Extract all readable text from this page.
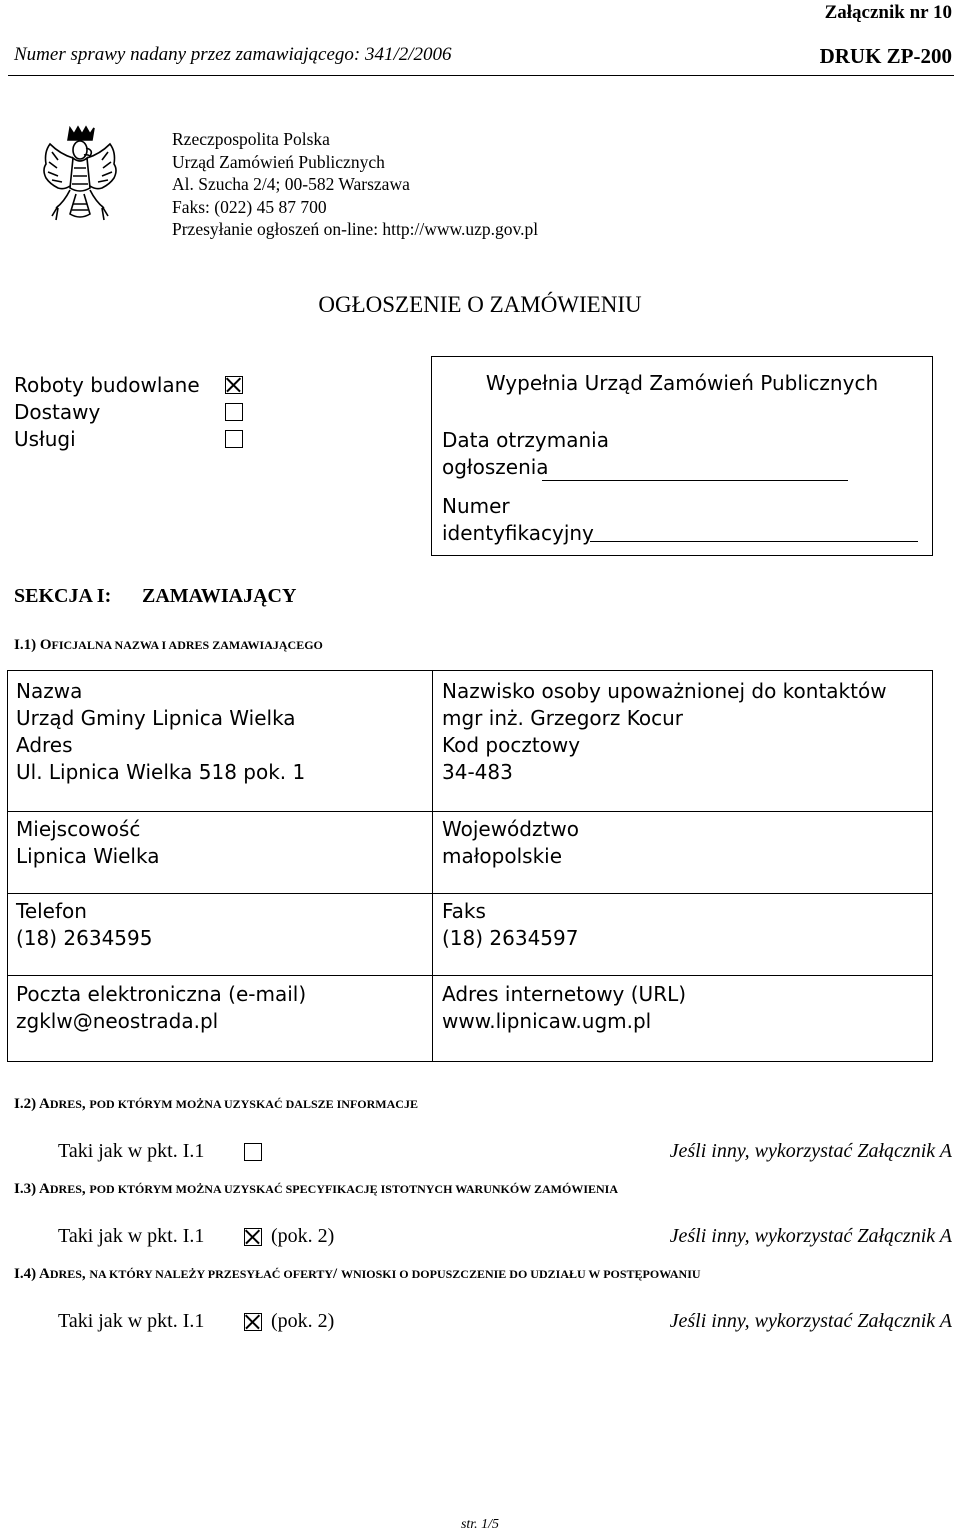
Załącznik nr 10
Numer sprawy nadany przez zamawiającego: 341/2/2006	DRUK ZP-200
Rzeczpospolita Polska
Urząd Zamówień Publicznych
Al. Szucha 2/4; 00-582 Warszawa
Faks: (022) 45 87 700
Przesyłanie ogłoszeń on-line: http://www.uzp.gov.pl
OGŁOSZENIE O ZAMÓWIENIU
Roboty budowlane
Dostawy
Usługi
Wypełnia Urząd Zamówień Publicznych
Data otrzymania
ogłoszenia
Numer
identyfikacyjny
SEKCJA I: ZAMAWIAJĄCY
I.1) OFICJALNA NAZWA I ADRES ZAMAWIAJĄCEGO
Nazwa
Urząd Gminy Lipnica Wielka
Adres
Ul. Lipnica Wielka 518 pok. 1
Nazwisko osoby upoważnionej do kontaktów
mgr inż. Grzegorz Kocur
Kod pocztowy
34-483
Miejscowość
Lipnica Wielka
Województwo
małopolskie
Telefon
(18) 2634595
Faks
(18) 2634597
Poczta elektroniczna (e-mail)
zgklw@neostrada.pl
Adres internetowy (URL)
www.lipnicaw.ugm.pl
I.2) ADRES, POD KTÓRYM MOŻNA UZYSKAĆ DALSZE INFORMACJE
Taki jak w pkt. I.1	Jeśli inny, wykorzystać Załącznik A
I.3) ADRES, POD KTÓRYM MOŻNA UZYSKAĆ SPECYFIKACJĘ ISTOTNYCH WARUNKÓW ZAMÓWIENIA
Taki jak w pkt. I.1	(pok. 2)	Jeśli inny, wykorzystać Załącznik A
I.4) ADRES, NA KTÓRY NALEŻY PRZESYŁAĆ OFERTY/ WNIOSKI O DOPUSZCZENIE DO UDZIAŁU W POSTĘPOWANIU
Taki jak w pkt. I.1	(pok. 2)	Jeśli inny, wykorzystać Załącznik A
str. 1/5
